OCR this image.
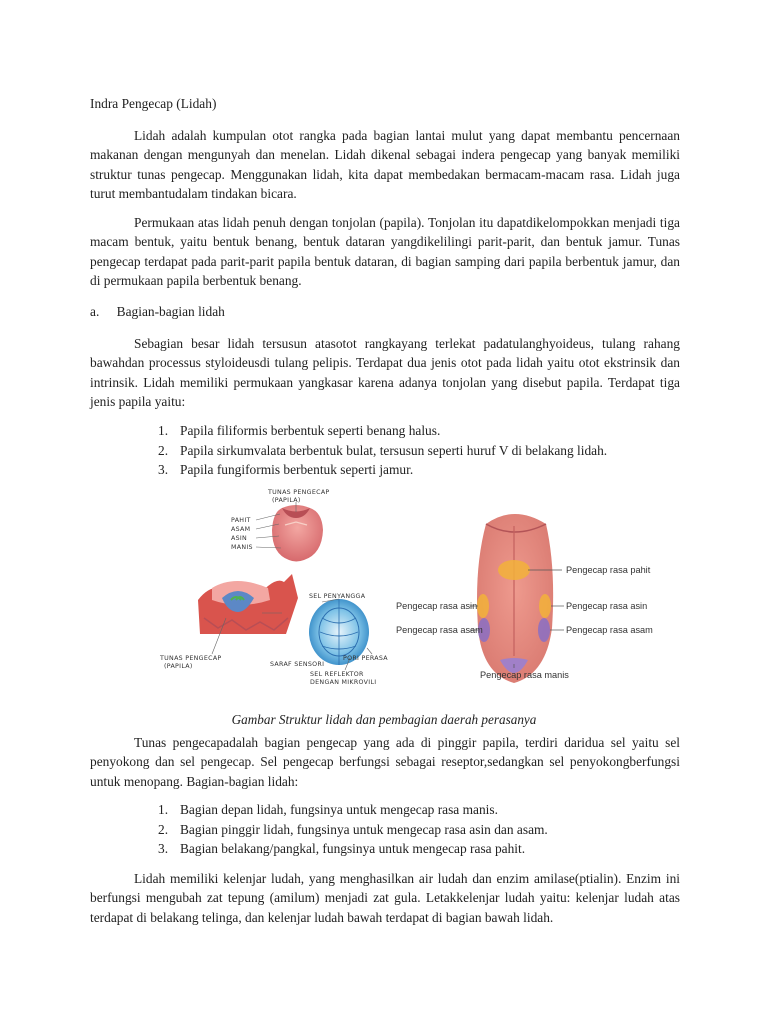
Indra Pengecap (Lidah)

Lidah adalah kumpulan otot rangka pada bagian lantai mulut yang dapat membantu pencernaan makanan dengan mengunyah dan menelan. Lidah dikenal sebagai indera pengecap yang banyak memiliki struktur tunas pengecap. Menggunakan lidah, kita dapat membedakan bermacam-macam rasa. Lidah juga turut membantudalam tindakan bicara.

Permukaan atas lidah penuh dengan tonjolan (papila). Tonjolan itu dapatdikelompokkan menjadi tiga macam bentuk, yaitu bentuk benang, bentuk dataran yangdikelilingi parit-parit, dan bentuk jamur. Tunas pengecap terdapat pada parit-parit papila bentuk dataran, di bagian samping dari papila berbentuk jamur, dan di permukaan papila berbentuk benang.

a. Bagian-bagian lidah

Sebagian besar lidah tersusun atasotot rangkayang terlekat padatulanghyoideus, tulang rahang bawahdan processus styloideusdi tulang pelipis. Terdapat dua jenis otot pada lidah yaitu otot ekstrinsik dan intrinsik. Lidah memiliki permukaan yangkasar karena adanya tonjolan yang disebut papila. Terdapat tiga jenis papila yaitu:

1. Papila filiformis berbentuk seperti benang halus.
2. Papila sirkumvalata berbentuk bulat, tersusun seperti huruf V di belakang lidah.
3. Papila fungiformis berbentuk seperti jamur.
TUNAS PENGECAP
(PAPILA)
PAHIT
ASAM
ASIN
MANIS
TUNAS PENGECAP
(PAPILA)
SEL PENYANGGA
PORI PERASA
SARAF SENSORI
SEL REFLEKTOR
DENGAN MIKROVILI
Pengecap rasa pahit
Pengecap rasa asin	Pengecap rasa asin
Pengecap rasa asam	Pengecap rasa asam
Pengecap rasa manis

Gambar Struktur lidah dan pembagian daerah perasanya

Tunas pengecapadalah bagian pengecap yang ada di pinggir papila, terdiri daridua sel yaitu sel penyokong dan sel pengecap. Sel pengecap berfungsi sebagai reseptor,sedangkan sel penyokongberfungsi untuk menopang. Bagian-bagian lidah:

1. Bagian depan lidah, fungsinya untuk mengecap rasa manis.
2. Bagian pinggir lidah, fungsinya untuk mengecap rasa asin dan asam.
3. Bagian belakang/pangkal, fungsinya untuk mengecap rasa pahit.

Lidah memiliki kelenjar ludah, yang menghasilkan air ludah dan enzim amilase(ptialin). Enzim ini berfungsi mengubah zat tepung (amilum) menjadi zat gula. Letakkelenjar ludah yaitu: kelenjar ludah atas terdapat di belakang telinga, dan kelenjar ludah bawah terdapat di bagian bawah lidah.
